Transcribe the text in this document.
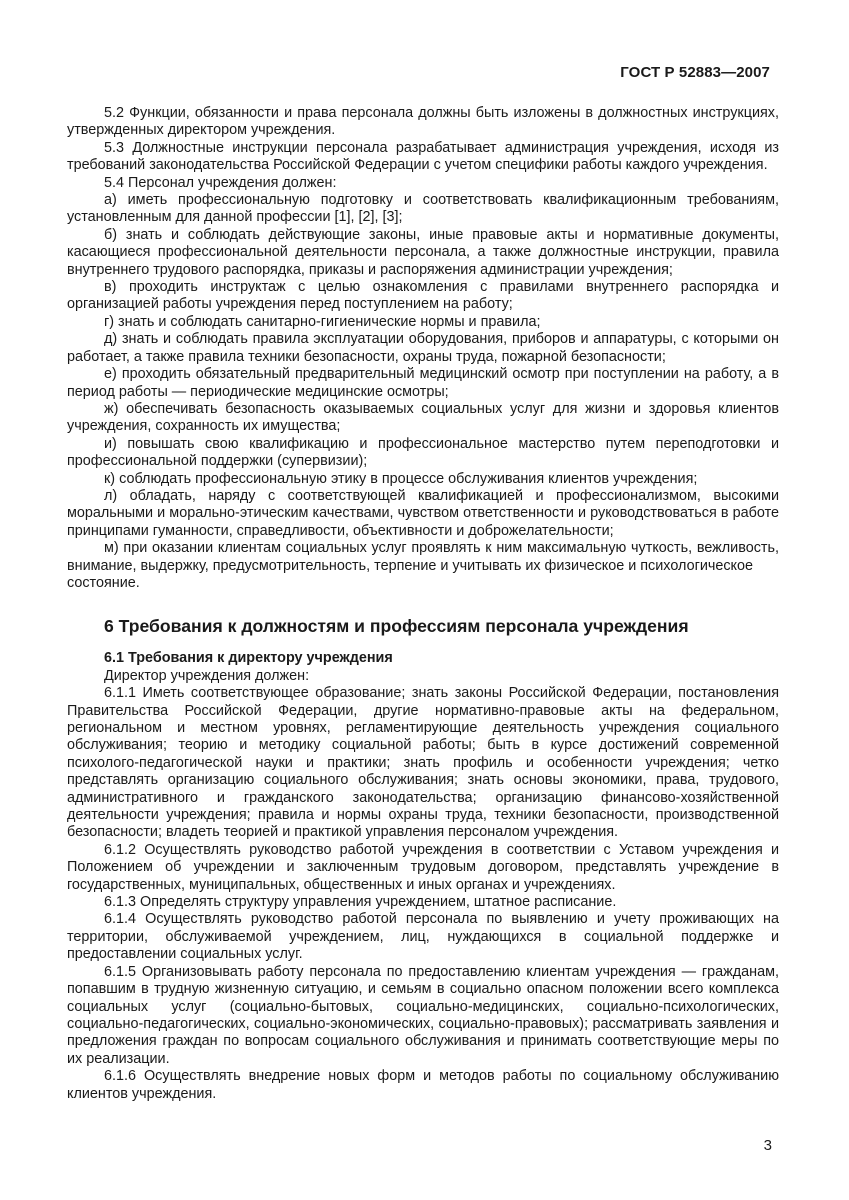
ГОСТ Р 52883—2007
5.2 Функции, обязанности и права персонала должны быть изложены в должностных инструкциях, утвержденных директором учреждения.
5.3 Должностные инструкции персонала разрабатывает администрация учреждения, исходя из требований законодательства Российской Федерации с учетом специфики работы каждого учреждения.
5.4 Персонал учреждения должен:
а) иметь профессиональную подготовку и соответствовать квалификационным требованиям, установленным для данной профессии [1], [2], [3];
б) знать и соблюдать действующие законы, иные правовые акты и нормативные документы, касающиеся профессиональной деятельности персонала, а также должностные инструкции, правила внутреннего трудового распорядка, приказы и распоряжения администрации учреждения;
в) проходить инструктаж с целью ознакомления с правилами внутреннего распорядка и организацией работы учреждения перед поступлением на работу;
г) знать и соблюдать санитарно-гигиенические нормы и правила;
д) знать и соблюдать правила эксплуатации оборудования, приборов и аппаратуры, с которыми он работает, а также правила техники безопасности, охраны труда, пожарной безопасности;
е) проходить обязательный предварительный медицинский осмотр при поступлении на работу, а в период работы — периодические медицинские осмотры;
ж) обеспечивать безопасность оказываемых социальных услуг для жизни и здоровья клиентов учреждения, сохранность их имущества;
и) повышать свою квалификацию и профессиональное мастерство путем переподготовки и профессиональной поддержки (супервизии);
к) соблюдать профессиональную этику в процессе обслуживания клиентов учреждения;
л) обладать, наряду с соответствующей квалификацией и профессионализмом, высокими моральными и морально-этическим качествами, чувством ответственности и руководствоваться в работе принципами гуманности, справедливости, объективности и доброжелательности;
м) при оказании клиентам социальных услуг проявлять к ним максимальную чуткость, вежливость, внимание, выдержку, предусмотрительность, терпение и учитывать их физическое и психологическое
состояние.
6 Требования к должностям и профессиям персонала учреждения
6.1 Требования к директору учреждения
Директор учреждения должен:
6.1.1 Иметь соответствующее образование; знать законы Российской Федерации, постановления Правительства Российской Федерации, другие нормативно-правовые акты на федеральном, региональном и местном уровнях, регламентирующие деятельность учреждения социального обслуживания; теорию и методику социальной работы; быть в курсе достижений современной психолого-педагогической науки и практики; знать профиль и особенности учреждения; четко представлять организацию социального обслуживания; знать основы экономики, права, трудового, административного и гражданского законодательства; организацию финансово-хозяйственной деятельности учреждения; правила и нормы охраны труда, техники безопасности, производственной безопасности; владеть теорией и практикой управления персоналом учреждения.
6.1.2 Осуществлять руководство работой учреждения в соответствии с Уставом учреждения и Положением об учреждении и заключенным трудовым договором, представлять учреждение в государственных, муниципальных, общественных и иных органах и учреждениях.
6.1.3 Определять структуру управления учреждением, штатное расписание.
6.1.4 Осуществлять руководство работой персонала по выявлению и учету проживающих на территории, обслуживаемой учреждением, лиц, нуждающихся в социальной поддержке и предоставлении социальных услуг.
6.1.5 Организовывать работу персонала по предоставлению клиентам учреждения — гражданам, попавшим в трудную жизненную ситуацию, и семьям в социально опасном положении всего комплекса социальных услуг (социально-бытовых, социально-медицинских, социально-психологических, социально-педагогических, социально-экономических, социально-правовых); рассматривать заявления и предложения граждан по вопросам социального обслуживания и принимать соответствующие меры по их реализации.
6.1.6 Осуществлять внедрение новых форм и методов работы по социальному обслуживанию клиентов учреждения.
3
